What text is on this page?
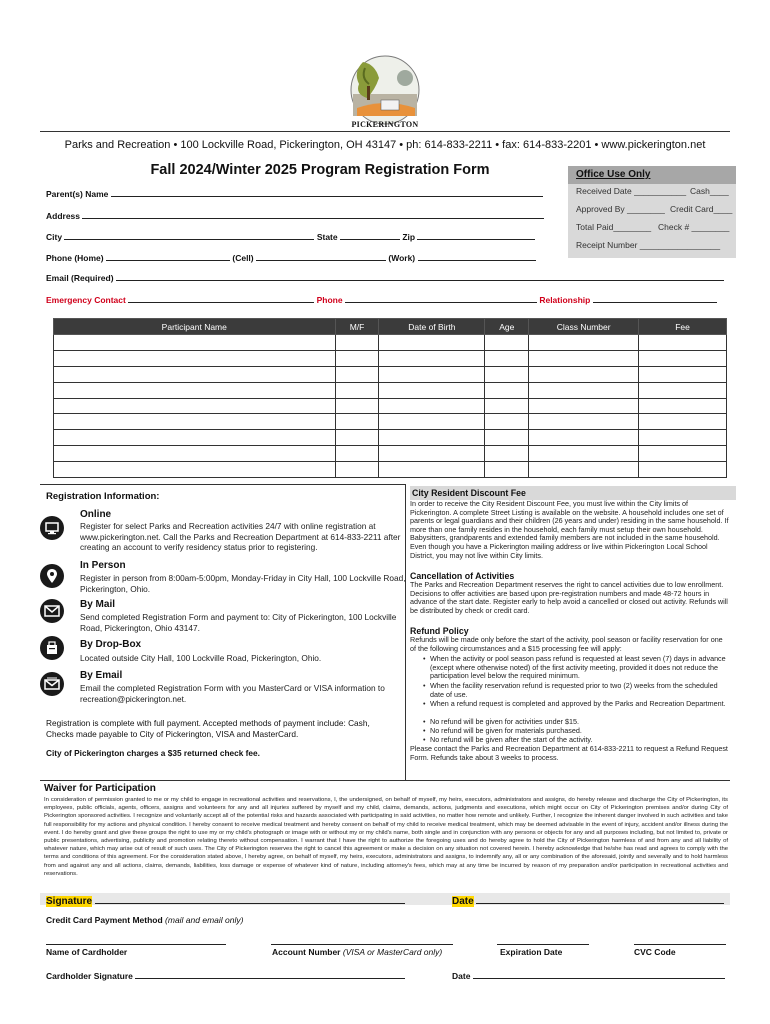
PICKERINGTON
Parks and Recreation • 100 Lockville Road, Pickerington, OH 43147 • ph: 614-833-2211 • fax: 614-833-2201 • www.pickerington.net
Fall 2024/Winter 2025 Program Registration Form	Office Use Only
Received Date ___________ Cash____
Approved By ________ Credit Card____
Total Paid________ Check # ________
Receipt Number _________________
Parent(s) Name
Address
City	State	Zip
Phone (Home)	(Cell)	(Work)
Email (Required)
Emergency Contact	Phone	Relationship
Participant Name	M/F	Date of Birth	Age	Class Number	Fee

Registration Information:
Online
Register for select Parks and Recreation activities 24/7 with online registration at www.pickerington.net. Call the Parks and Recreation Department at 614-833-2211 after creating an account to verify residency status prior to registering.
In Person
Register in person from 8:00am-5:00pm, Monday-Friday in City Hall, 100 Lockville Road, Pickerington, Ohio.
By Mail
Send completed Registration Form and payment to: City of Pickerington, 100 Lockville Road, Pickerington, Ohio 43147.
By Drop-Box
Located outside City Hall, 100 Lockville Road, Pickerington, Ohio.
By Email
Email the completed Registration Form with you MasterCard or VISA information to recreation@pickerington.net.
Registration is complete with full payment. Accepted methods of payment include: Cash, Checks made payable to City of Pickerington, VISA and MasterCard.
City of Pickerington charges a $35 returned check fee.
City Resident Discount Fee
In order to receive the City Resident Discount Fee, you must live within the City limits of Pickerington. A complete Street Listing is available on the website. A household includes one set of parents or legal guardians and their children (26 years and under) residing in the same household. If more than one family resides in the household, each family must setup their own household. Babysitters, grandparents and extended family members are not included in the same household. Even though you have a Pickerington mailing address or live within Pickerington Local School District, you may not live within City limits.
Cancellation of Activities
The Parks and Recreation Department reserves the right to cancel activities due to low enrollment. Decisions to offer activities are based upon pre-registration numbers and made 48-72 hours in advance of the start date. Register early to help avoid a cancelled or closed out activity. Refunds will be distributed by check or credit card.
Refund Policy
Refunds will be made only before the start of the activity, pool season or facility reservation for one of the following circumstances and a $15 processing fee will apply:
• When the activity or pool season pass refund is requested at least seven (7) days in advance (except where otherwise noted) of the first activity meeting, provided it does not reduce the participation level below the required minimum.
• When the facility reservation refund is requested prior to two (2) weeks from the scheduled date of use.
• When a refund request is completed and approved by the Parks and Recreation Department.
• No refund will be given for activities under $15.
• No refund will be given for materials purchased.
• No refund will be given after the start of the activity.
Please contact the Parks and Recreation Department at 614-833-2211 to request a Refund Request Form. Refunds take about 3 weeks to process.
Waiver for Participation
In consideration of permission granted to me or my child to engage in recreational activities and reservations, I, the undersigned, on behalf of myself, my heirs, executors, administrators and assigns, do hereby release and discharge the City of Pickerington, its employees, public officials, agents, officers, assigns and volunteers for any and all injuries suffered by myself and my child, claims, demands, actions, judgments and executions, which might occur on City of Pickerington premises and/or during City of Pickerington sponsored activities. I recognize and voluntarily accept all of the potential risks and hazards associated with participating in said activities, no matter how remote and unlikely. Further, I recognize the inherent danger involved in such activities and take full responsibility for my actions and physical condition. I hereby consent to receive medical treatment and hereby consent on behalf of my child to receive medical treatment, which may be deemed advisable in the event of injury, accident and/or illness during the event. I do hereby grant and give these groups the right to use my or my child's photograph or image with or without my or my child's name, both single and in conjunction with any persons or objects for any and all purposes including, but not limited to, private or public presentations, advertising, publicity and promotion relating thereto without compensation. I warrant that I have the right to authorize the foregoing uses and do hereby agree to hold the City of Pickerington harmless of and from any and all liability of whatever nature, which may arise out of result of such uses. The City of Pickerington reserves the right to cancel this agreement or make a decision on any situation not covered herein. I hereby acknowledge that he/she has read and agrees to comply with the terms and conditions of this agreement. For the consideration stated above, I hereby agree, on behalf of myself, my heirs, executors, administrators and assigns, to indemnify any, all or any combination of the aforesaid, jointly and severally and to hold harmless from and against any and all actions, claims, demands, liabilities, loss damage or expense of whatever kind of nature, including attorney's fees, which may at any time be incurred by reason of my preparation and/or participation in recreational activities and reservations.
Signature	Date
Credit Card Payment Method (mail and email only)
Name of Cardholder	Account Number (VISA or MasterCard only)	Expiration Date	CVC Code
Cardholder Signature	Date
